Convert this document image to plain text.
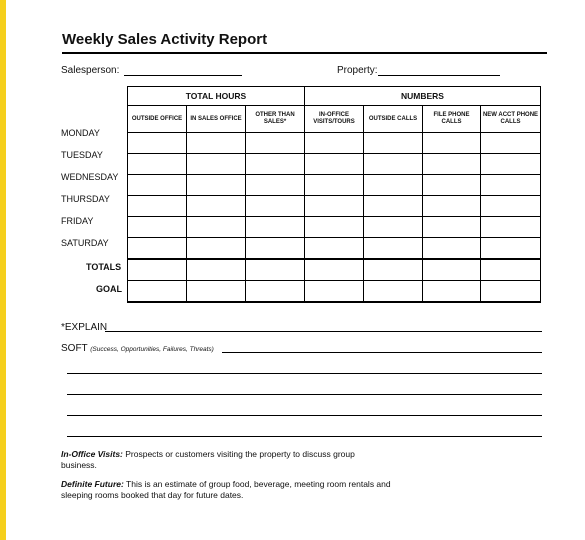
Weekly Sales Activity Report
Salesperson:	Property:
TOTAL HOURS			NUMBERS			
OUTSIDE OFFICE	IN SALES OFFICE	OTHER THAN SALES*	IN-OFFICE VISITS/TOURS	OUTSIDE CALLS	FILE PHONE CALLS	NEW ACCT PHONE CALLS

MONDAY
TUESDAY
WEDNESDAY
THURSDAY
FRIDAY
SATURDAY
TOTALS
GOAL
*EXPLAIN
SOFT (Success, Opportunities, Failures, Threats)
In-Office Visits: Prospects or customers visiting the property to discuss group business.
Definite Future: This is an estimate of group food, beverage, meeting room rentals and sleeping rooms booked that day for future dates.
